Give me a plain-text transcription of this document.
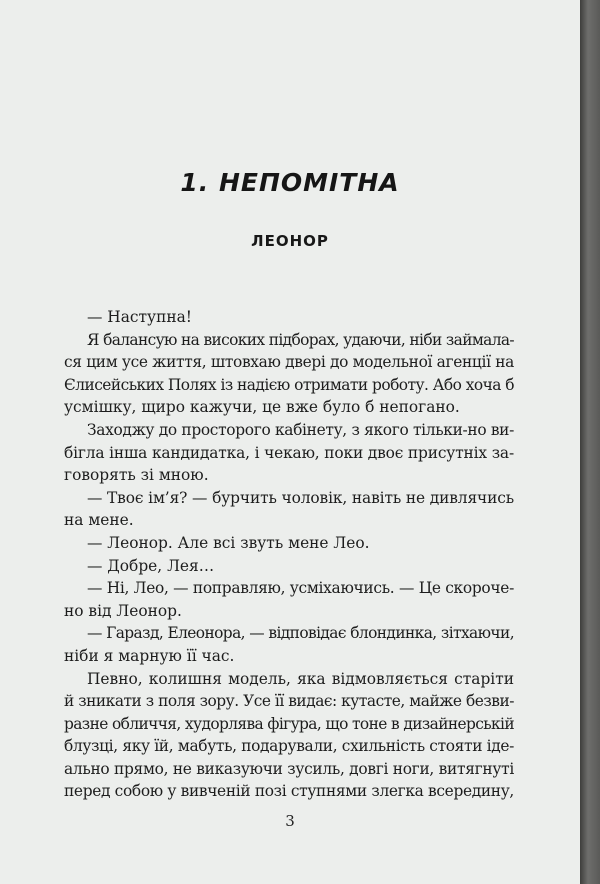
1. НЕПОМІТНА
ЛЕОНОР

— Наступна!

Я балансую на високих підборах, удаючи, ніби займала-

ся цим усе життя, штовхаю двері до модельної агенції на

Єлисейських Полях із надією отримати роботу. Або хоча б

усмішку, щиро кажучи, це вже було б непогано.

Заходжу до просторого кабінету, з якого тільки-но ви-

бігла інша кандидатка, і чекаю, поки двоє присутніх за-

говорять зі мною.

— Твоє ім’я? — бурчить чоловік, навіть не дивлячись

на мене.

— Леонор. Але всі звуть мене Лео.

— Добре, Лея…

— Ні, Лео, — поправляю, усміхаючись. — Це скороче-

но від Леонор.

— Гаразд, Елеонора, — відповідає блондинка, зітхаючи,

ніби я марную її час.

Певно, колишня модель, яка відмовляється старіти

й зникати з поля зору. Усе її видає: кутасте, майже безви-

разне обличчя, худорлява фігура, що тоне в дизайнерській

блузці, яку їй, мабуть, подарували, схильність стояти іде-

ально прямо, не виказуючи зусиль, довгі ноги, витягнуті

перед собою у вивченій позі ступнями злегка всередину,

3
